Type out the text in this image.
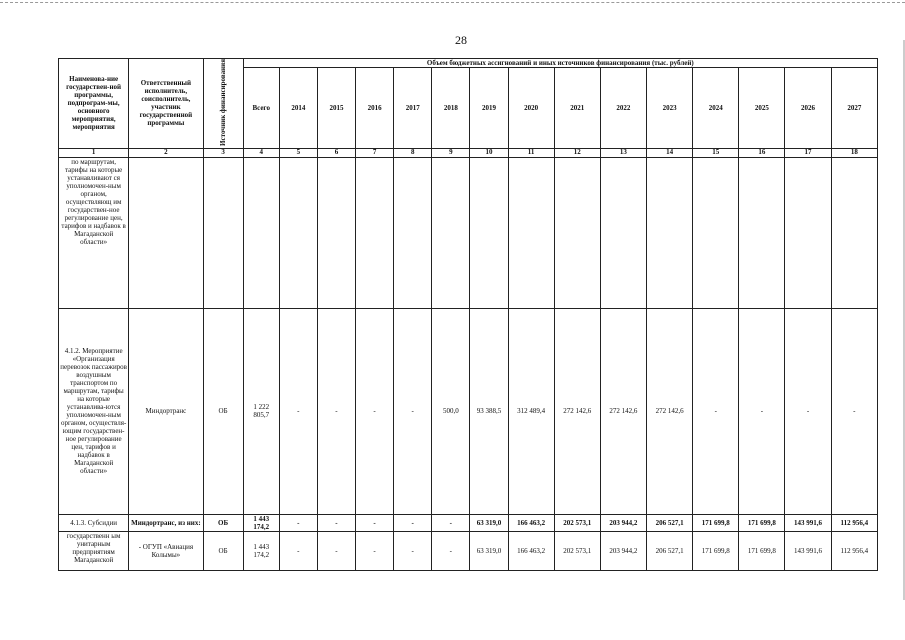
28
Наименова-ние государствен-ной программы, подпрограм-мы, основного мероприятия, мероприятия	Ответственный исполнитель, соисполнитель, участник государственной программы	Источник финансирования	Объем бюджетных ассигнований и иных источников финансирования (тыс. рублей)														
			Всего	2014	2015	2016	2017	2018	2019	2020	2021	2022	2023	2024	2025	2026	2027
1	2	3	4	5	6	7	8	9	10	11	12	13	14	15	16	17	18
по маршрутам, тарифы на которые устанавливают ся уполномочен-ным органом, осуществляющ им государствен-ное регулирование цен, тарифов и надбавок в Магаданской области»																	
4.1.2. Мероприятие «Организация перевозок пассажиров воздушным транспортом по маршрутам, тарифы на которые устанавлива-ются уполномочен-ным органом, осуществля-ющим государствен-ное регулирование цен, тарифов и надбавок в Магаданской области»	Миндортранс	ОБ	1 222 805,7	-	-	-	-	500,0	93 388,5	312 489,4	272 142,6	272 142,6	272 142,6	-	-	-	-
4.1.3. Субсидии	Миндортранс, из них:	ОБ	1 443 174,2	-	-	-	-	-	63 319,0	166 463,2	202 573,1	203 944,2	206 527,1	171 699,8	171 699,8	143 991,6	112 956,4
государственн ым унитарным предприятиям Магаданской	- ОГУП «Авиация Колымы»	ОБ	1 443 174,2	-	-	-	-	-	63 319,0	166 463,2	202 573,1	203 944,2	206 527,1	171 699,8	171 699,8	143 991,6	112 956,4
